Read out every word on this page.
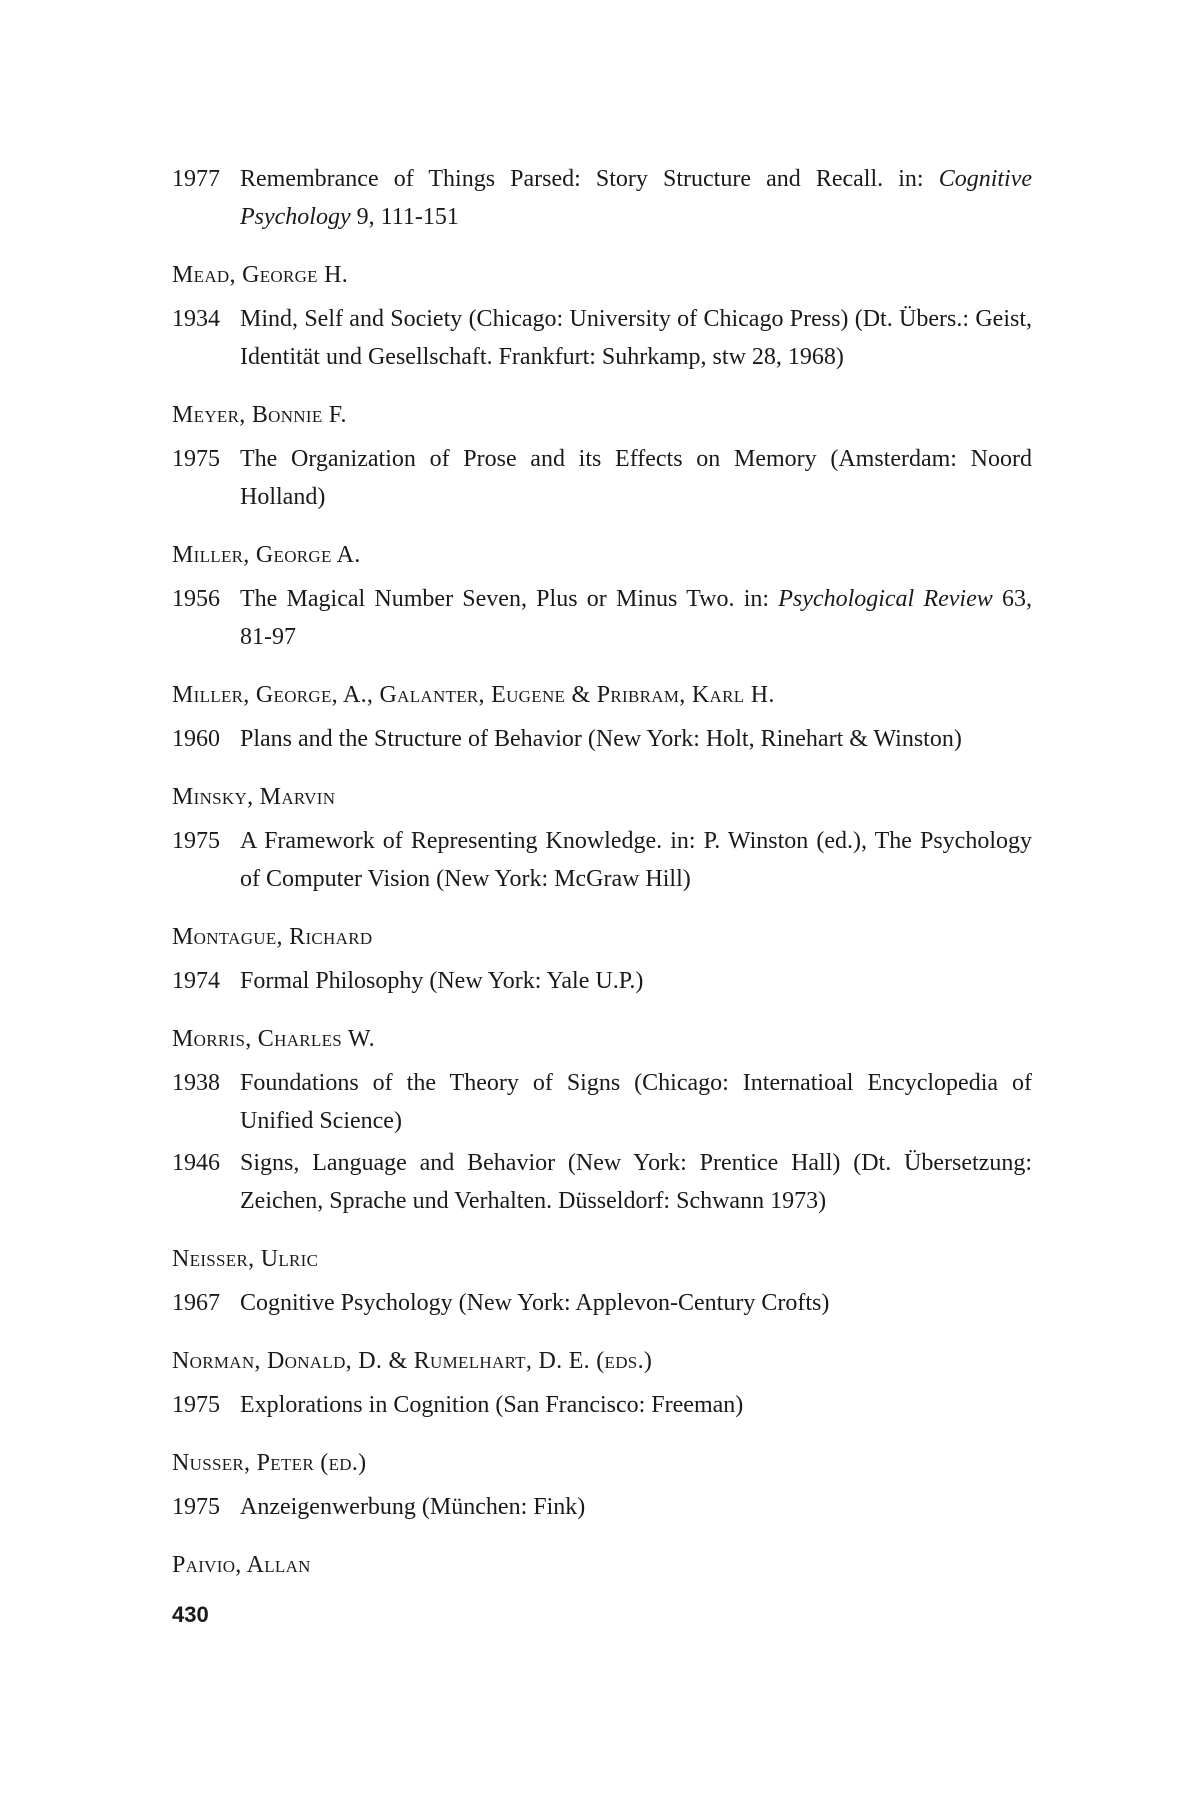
1977 Remembrance of Things Parsed: Story Structure and Recall. in: Cognitive Psychology 9, 111-151
Mead, George H.
1934 Mind, Self and Society (Chicago: University of Chicago Press) (Dt. Übers.: Geist, Identität und Gesellschaft. Frankfurt: Suhrkamp, stw 28, 1968)
Meyer, Bonnie F.
1975 The Organization of Prose and its Effects on Memory (Amsterdam: Noord Holland)
Miller, George A.
1956 The Magical Number Seven, Plus or Minus Two. in: Psychological Review 63, 81-97
Miller, George, A., Galanter, Eugene & Pribram, Karl H.
1960 Plans and the Structure of Behavior (New York: Holt, Rinehart & Winston)
Minsky, Marvin
1975 A Framework of Representing Knowledge. in: P. Winston (ed.), The Psychology of Computer Vision (New York: McGraw Hill)
Montague, Richard
1974 Formal Philosophy (New York: Yale U.P.)
Morris, Charles W.
1938 Foundations of the Theory of Signs (Chicago: Internatioal Encyclopedia of Unified Science)
1946 Signs, Language and Behavior (New York: Prentice Hall) (Dt. Übersetzung: Zeichen, Sprache und Verhalten. Düsseldorf: Schwann 1973)
Neisser, Ulric
1967 Cognitive Psychology (New York: Applevon-Century Crofts)
Norman, Donald, D. & Rumelhart, D. E. (eds.)
1975 Explorations in Cognition (San Francisco: Freeman)
Nusser, Peter (ed.)
1975 Anzeigenwerbung (München: Fink)
Paivio, Allan
430
